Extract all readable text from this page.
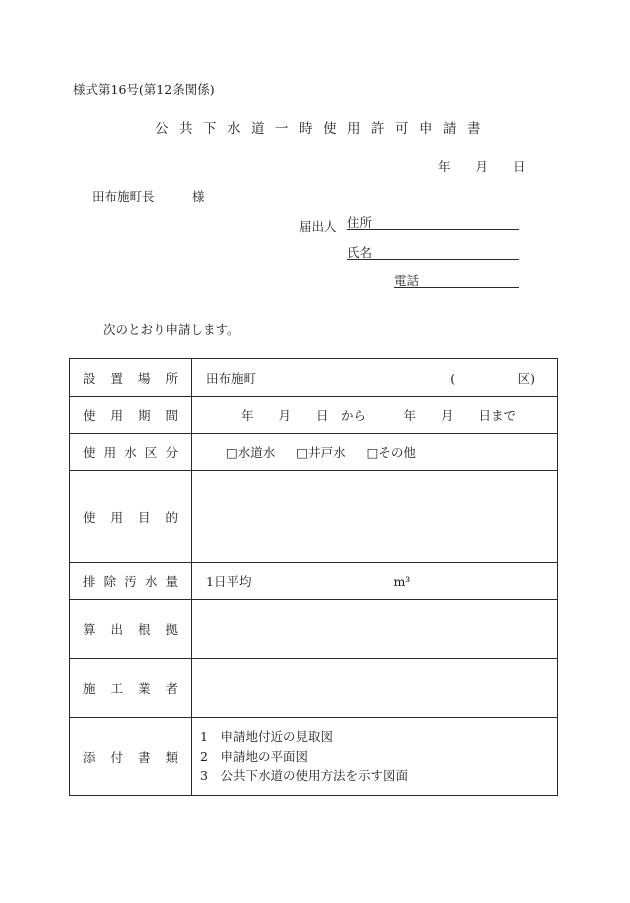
様式第16号(第12条関係)
公共下水道一時使用許可申請書
年　　月　　日
田布施町長　　　様
届出人 住所
氏名
電話
次のとおり申請します。
設置場所	田布施町 (　　　　　区)

使用期間	年　　月　　日　から　　　年　　月　　日まで
使用水区分	□水道水 □井戸水 □その他
使用目的	
排除汚水量	1日平均 m³
算出根拠	
施工業者	
添付書類	1　申請地付近の見取図
2　申請地の平面図
3　公共下水道の使用方法を示す図面
